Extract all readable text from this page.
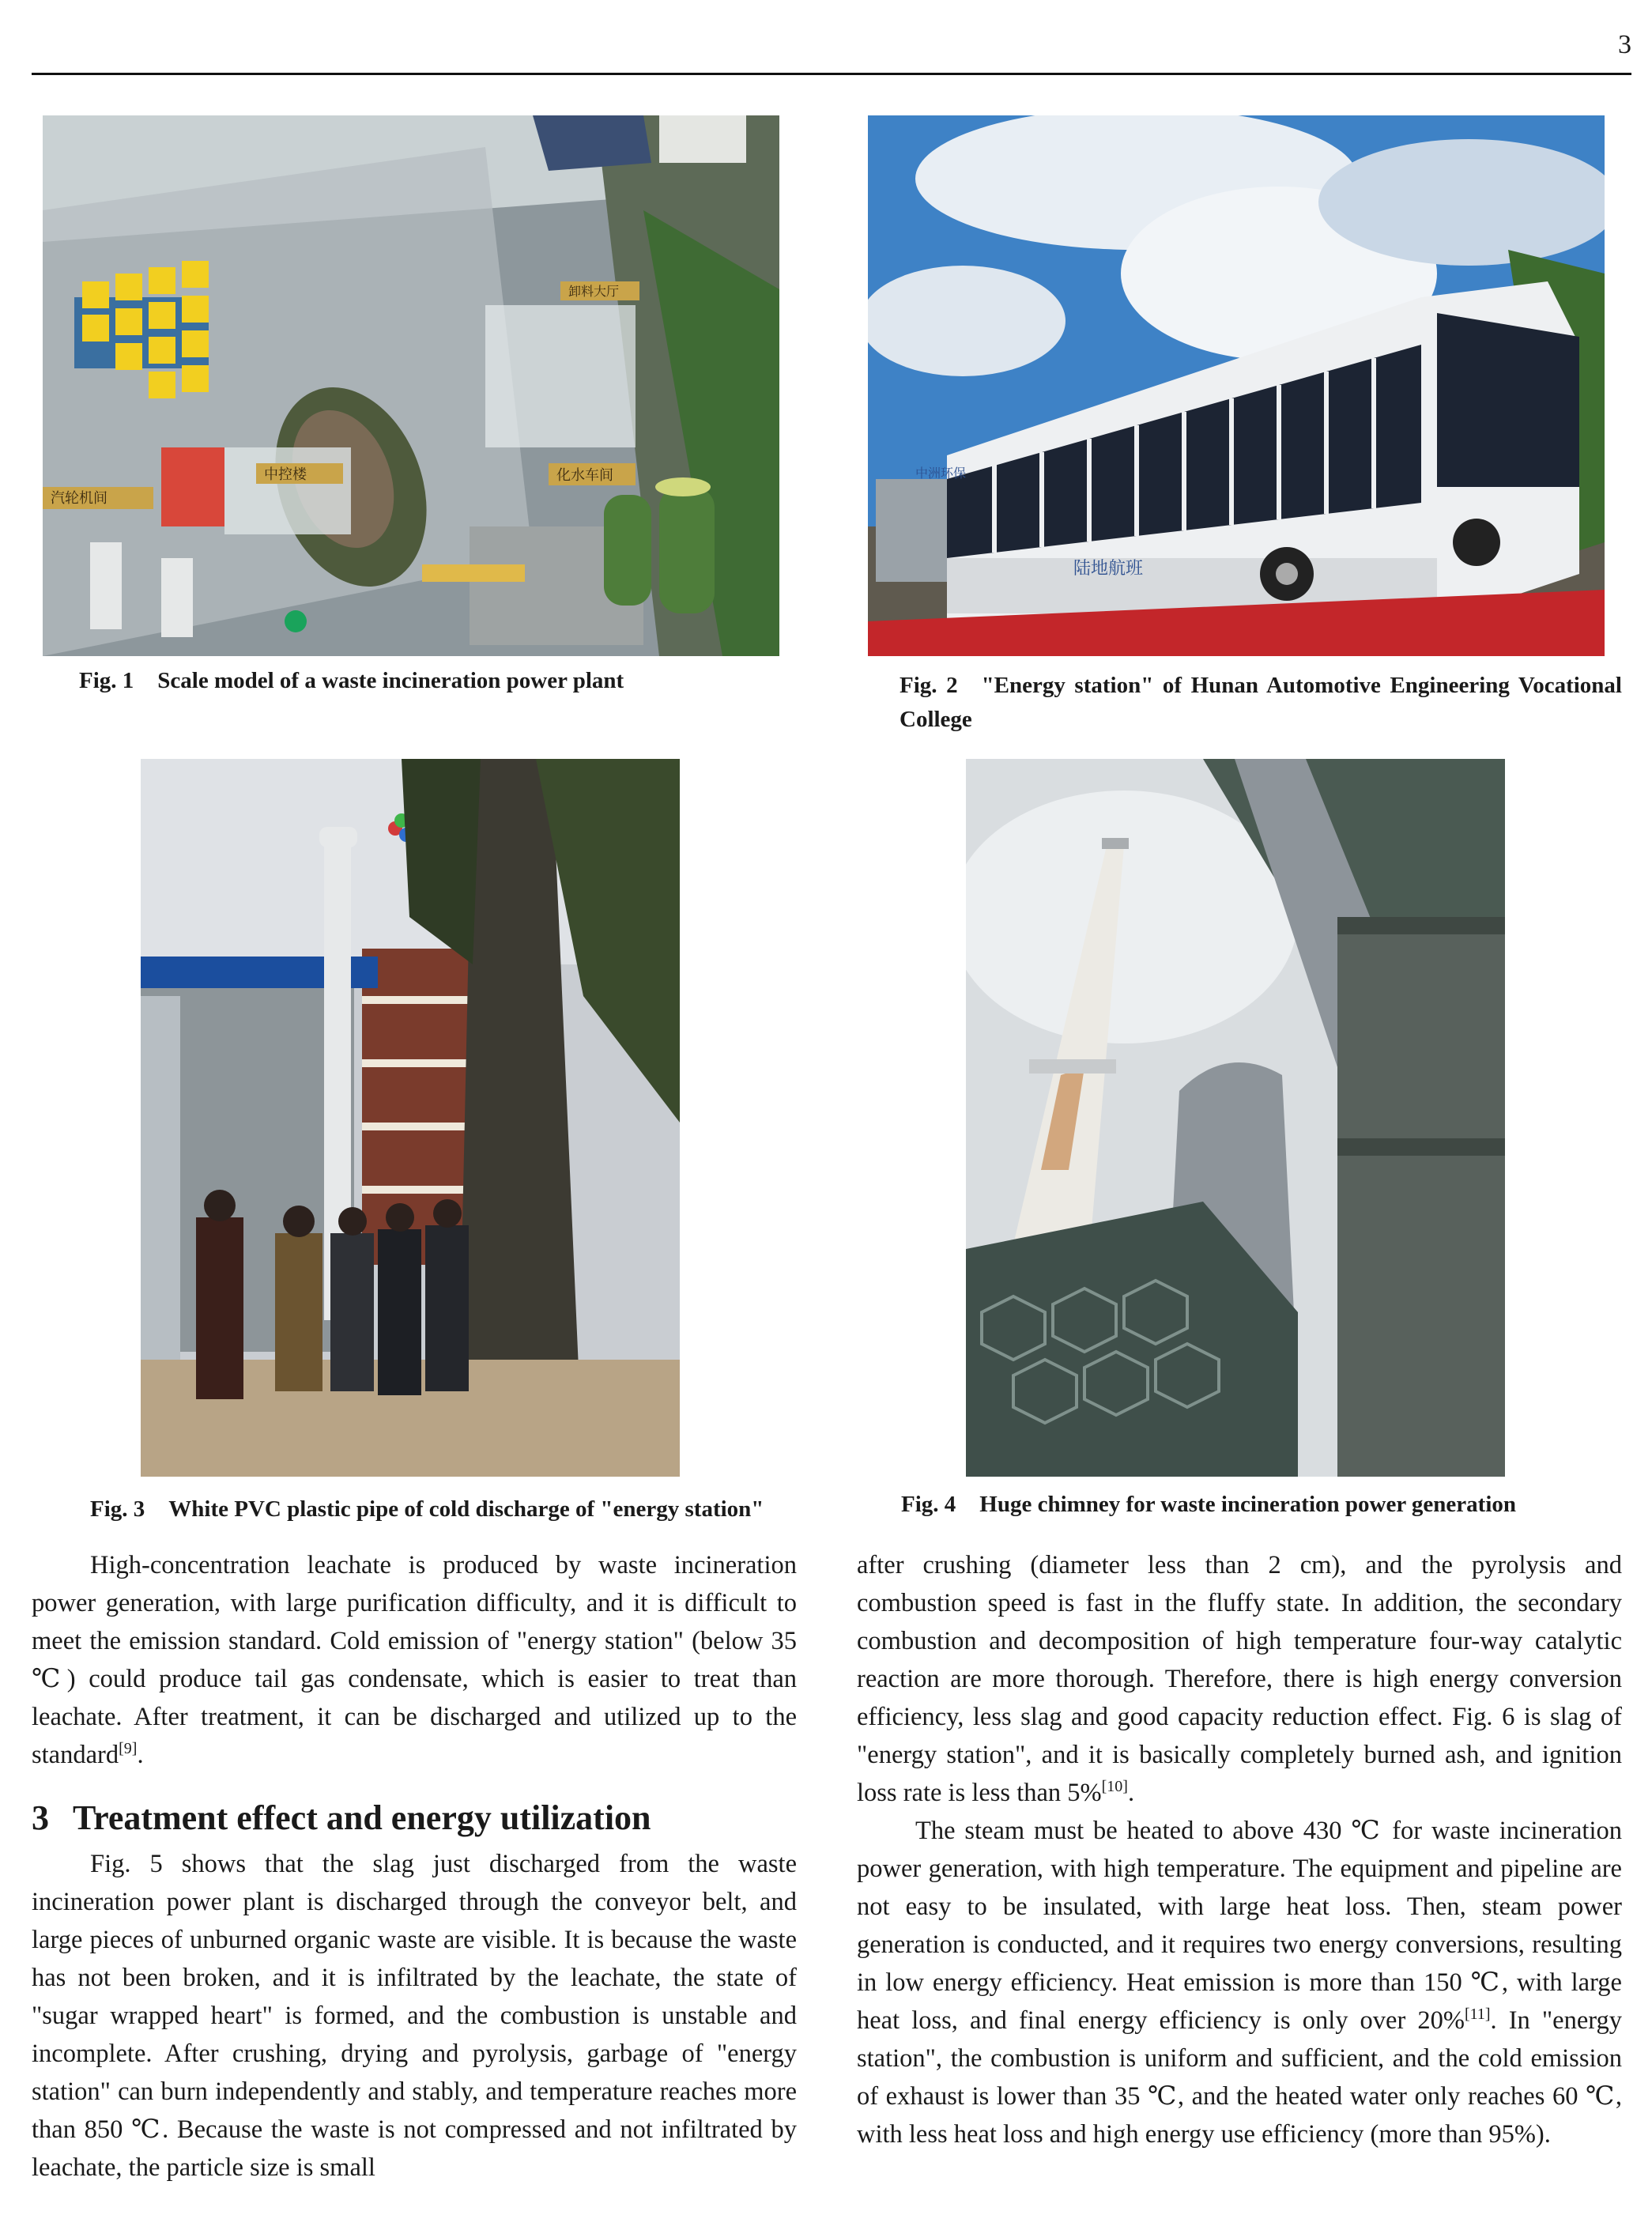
3
中控楼
卸料大厅
化水车间
汽轮机间
Fig. 1 Scale model of a waste incineration power plant
陆地航班
中洲环保
Fig. 2 "Energy station" of Hunan Automotive Engineering Vocational College
Fig. 3 White PVC plastic pipe of cold discharge of "energy station"	Fig. 4 Huge chimney for waste incineration power generation

High-concentration leachate is produced by waste incineration power generation, with large purification difficulty, and it is difficult to meet the emission standard. Cold emission of "energy station" (below 35 ℃) could produce tail gas condensate, which is easier to treat than leachate. After treatment, it can be discharged and utilized up to the standard[9].

3 Treatment effect and energy utilization

Fig. 5 shows that the slag just discharged from the waste incineration power plant is discharged through the conveyor belt, and large pieces of unburned organic waste are visible. It is because the waste has not been broken, and it is infiltrated by the leachate, the state of "sugar wrapped heart" is formed, and the combustion is unstable and incomplete. After crushing, drying and pyrolysis, garbage of "energy station" can burn independently and stably, and temperature reaches more than 850 ℃. Because the waste is not compressed and not infiltrated by leachate, the particle size is small

after crushing (diameter less than 2 cm), and the pyrolysis and combustion speed is fast in the fluffy state. In addition, the secondary combustion and decomposition of high temperature four-way catalytic reaction are more thorough. Therefore, there is high energy conversion efficiency, less slag and good capacity reduction effect. Fig. 6 is slag of "energy station", and it is basically completely burned ash, and ignition loss rate is less than 5%[10].

The steam must be heated to above 430 ℃ for waste incineration power generation, with high temperature. The equipment and pipeline are not easy to be insulated, with large heat loss. Then, steam power generation is conducted, and it requires two energy conversions, resulting in low energy efficiency. Heat emission is more than 150 ℃, with large heat loss, and final energy efficiency is only over 20%[11]. In "energy station", the combustion is uniform and sufficient, and the cold emission of exhaust is lower than 35 ℃, and the heated water only reaches 60 ℃, with less heat loss and high energy use efficiency (more than 95%).
